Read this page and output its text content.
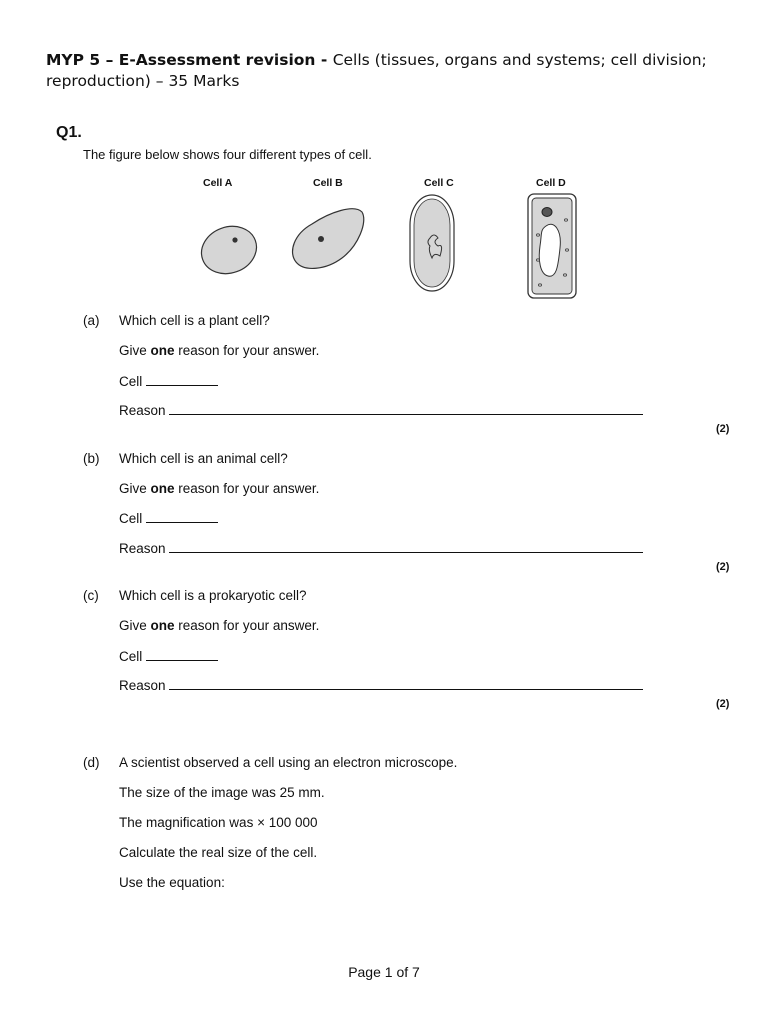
MYP 5 – E-Assessment revision - Cells (tissues, organs and systems; cell division;
reproduction) – 35 Marks
Q1.
The figure below shows four different types of cell.
Cell A	Cell B	Cell C	Cell D
(a) Which cell is a plant cell?
Give one reason for your answer.
Cell
Reason
(2)
(b) Which cell is an animal cell?
Give one reason for your answer.
Cell
Reason
(2)
(c) Which cell is a prokaryotic cell?
Give one reason for your answer.
Cell
Reason
(2)
(d) A scientist observed a cell using an electron microscope.
The size of the image was 25 mm.
The magnification was × 100 000
Calculate the real size of the cell.
Use the equation:
Page 1 of 7
